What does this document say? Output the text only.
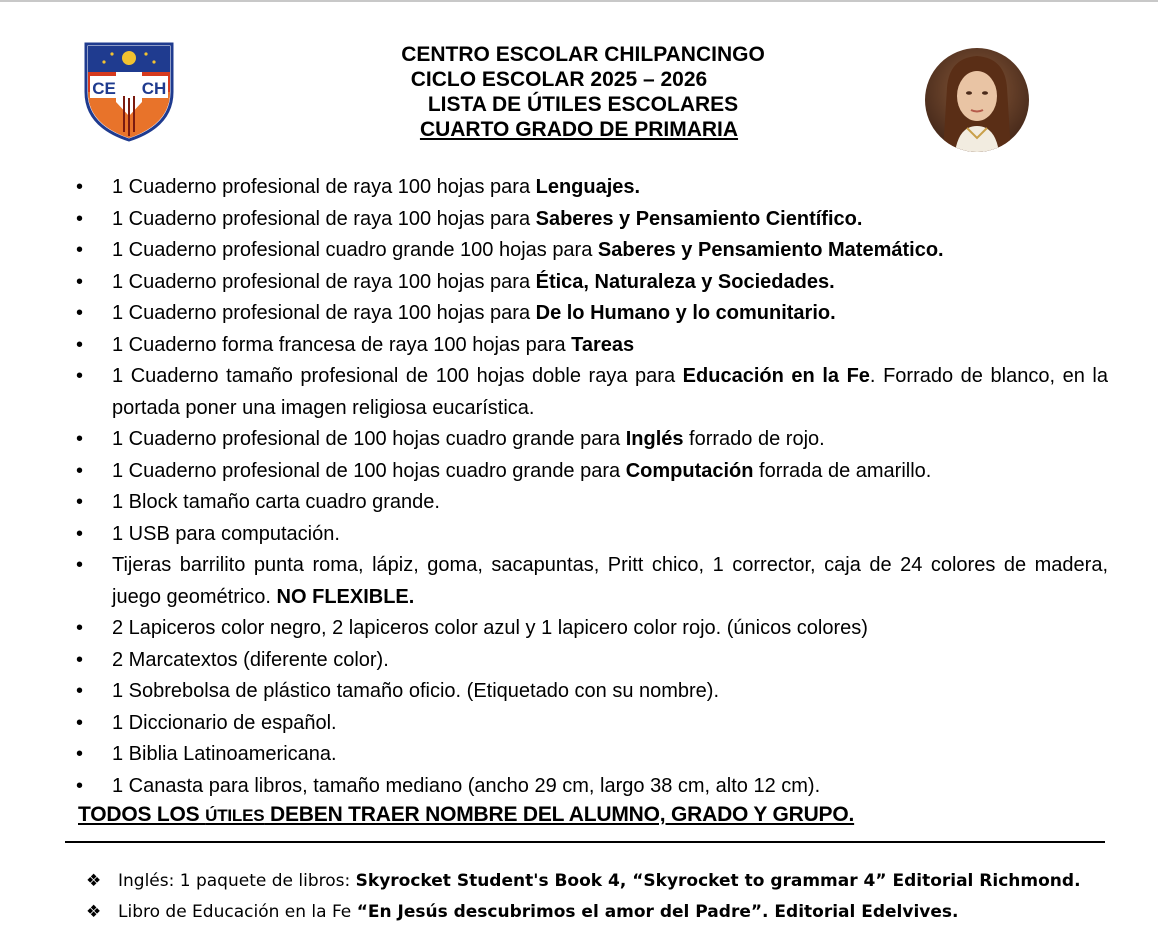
CE CH
CENTRO ESCOLAR CHILPANCINGO
CICLO ESCOLAR 2025 – 2026
LISTA DE ÚTILES ESCOLARES
CUARTO GRADO DE PRIMARIA
• 1 Cuaderno profesional de raya 100 hojas para Lenguajes.
• 1 Cuaderno profesional de raya 100 hojas para Saberes y Pensamiento Científico.
• 1 Cuaderno profesional cuadro grande 100 hojas para Saberes y Pensamiento Matemático.
• 1 Cuaderno profesional de raya 100 hojas para Ética, Naturaleza y Sociedades.
• 1 Cuaderno profesional de raya 100 hojas para De lo Humano y lo comunitario.
• 1 Cuaderno forma francesa de raya 100 hojas para Tareas
• 1 Cuaderno tamaño profesional de 100 hojas doble raya para Educación en la Fe. Forrado de blanco, en la portada poner una imagen religiosa eucarística.
• 1 Cuaderno profesional de 100 hojas cuadro grande para Inglés forrado de rojo.
• 1 Cuaderno profesional de 100 hojas cuadro grande para Computación forrada de amarillo.
• 1 Block tamaño carta cuadro grande.
• 1 USB para computación.
• Tijeras barrilito punta roma, lápiz, goma, sacapuntas, Pritt chico, 1 corrector, caja de 24 colores de madera, juego geométrico. NO FLEXIBLE.
• 2 Lapiceros color negro, 2 lapiceros color azul y 1 lapicero color rojo. (únicos colores)
• 2 Marcatextos (diferente color).
• 1 Sobrebolsa de plástico tamaño oficio. (Etiquetado con su nombre).
• 1 Diccionario de español.
• 1 Biblia Latinoamericana.
• 1 Canasta para libros, tamaño mediano (ancho 29 cm, largo 38 cm, alto 12 cm).
TODOS LOS ÚTILES DEBEN TRAER NOMBRE DEL ALUMNO, GRADO Y GRUPO.
❖ Inglés: 1 paquete de libros: Skyrocket Student's Book 4, “Skyrocket to grammar 4” Editorial Richmond.
❖ Libro de Educación en la Fe “En Jesús descubrimos el amor del Padre”. Editorial Edelvives.
